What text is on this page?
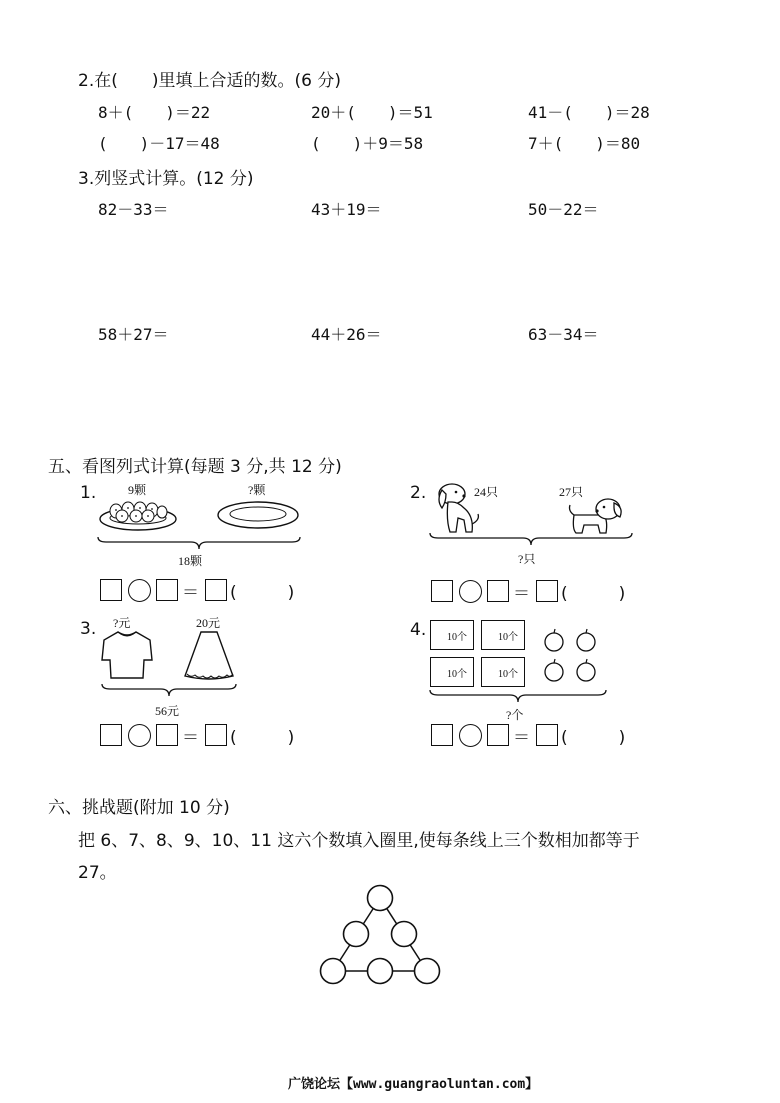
2.在(　　)里填上合适的数。(6 分)
8＋(　　)＝22	20＋(　　)＝51	41－(　　)＝28
(　　)－17＝48	(　　)＋9＝58	7＋(　　)＝80
3.列竖式计算。(12 分)
82－33＝	43＋19＝	50－22＝
58＋27＝	44＋26＝	63－34＝
五、看图列式计算(每题 3 分,共 12 分)
1.	9颗	?颗
18颗
＝ (　　　)
2.	24只	27只
?只
＝ (　　　)
3. ?元	20元
56元
＝ (　　　)
4. 10个	10个
10个	10个
?个
＝ (　　　)
六、挑战题(附加 10 分)
把 6、7、8、9、10、11 这六个数填入圈里,使每条线上三个数相加都等于
27。
广饶论坛【www.guangraoluntan.com】
